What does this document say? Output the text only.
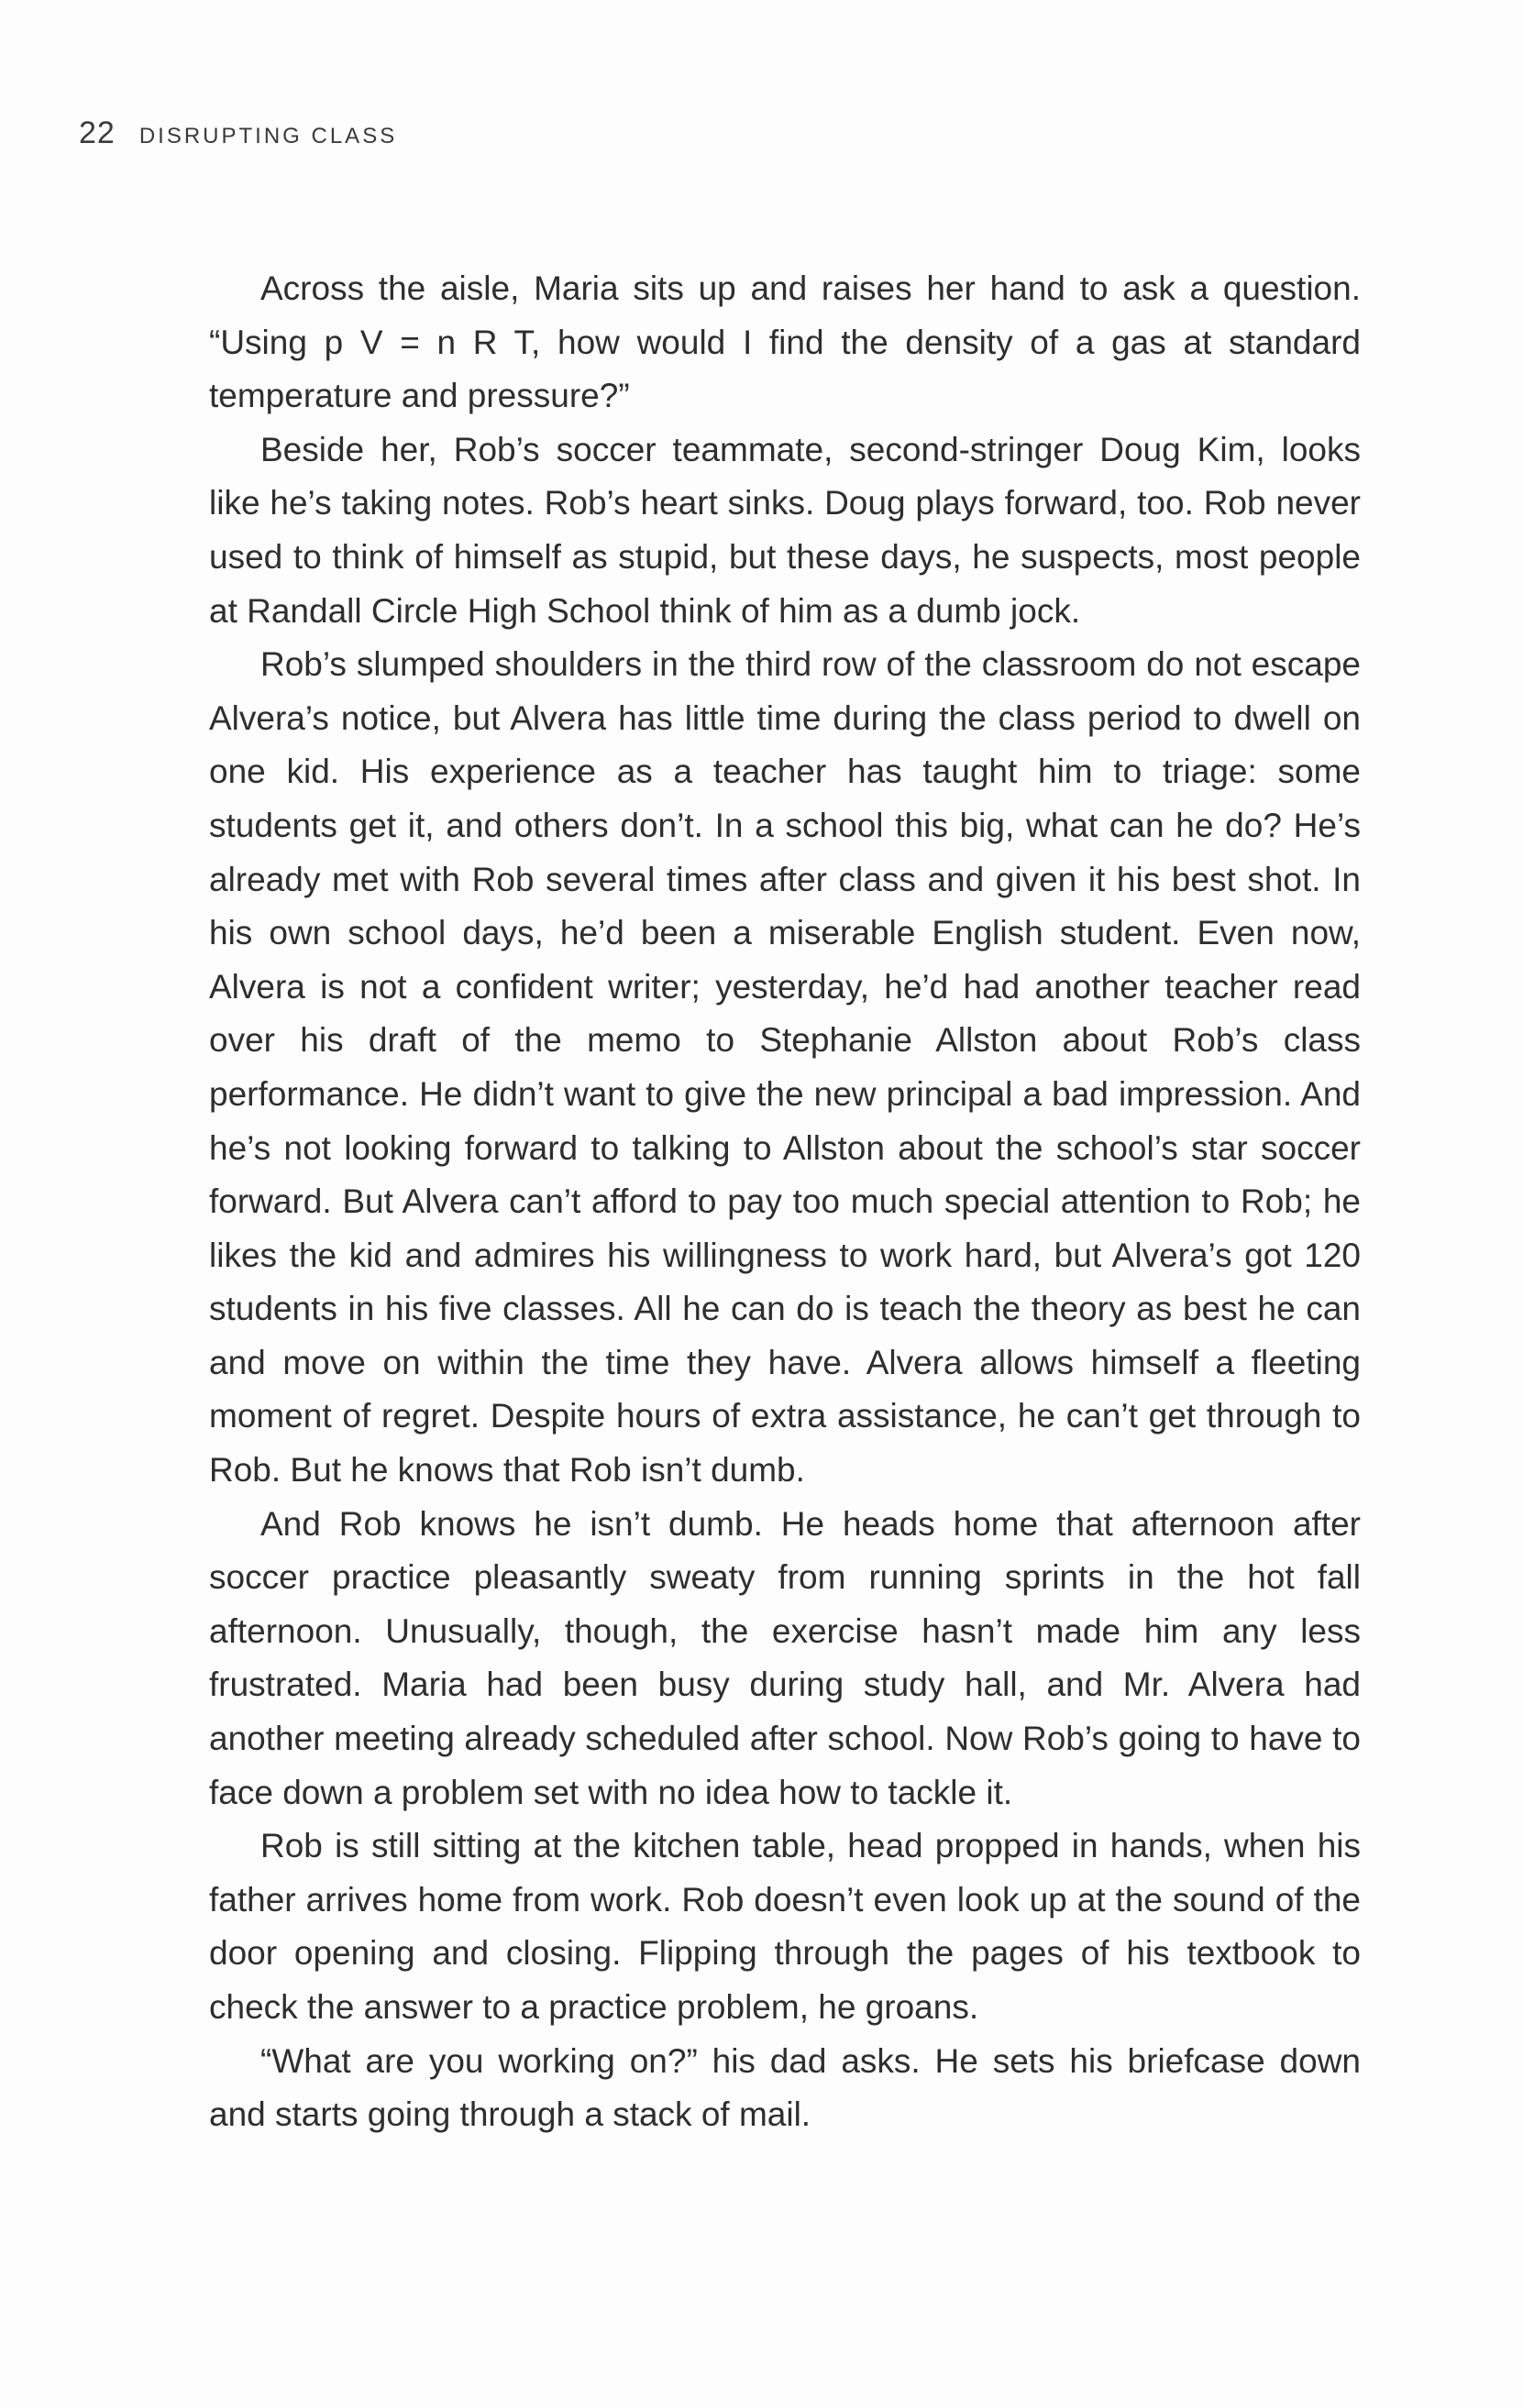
22 DISRUPTING CLASS

Across the aisle, Maria sits up and raises her hand to ask a question. “Using p V = n R T, how would I find the density of a gas at standard temperature and pressure?”

Beside her, Rob’s soccer teammate, second-stringer Doug Kim, looks like he’s taking notes. Rob’s heart sinks. Doug plays forward, too. Rob never used to think of himself as stupid, but these days, he suspects, most people at Randall Circle High School think of him as a dumb jock.

Rob’s slumped shoulders in the third row of the classroom do not escape Alvera’s notice, but Alvera has little time during the class period to dwell on one kid. His experience as a teacher has taught him to triage: some students get it, and others don’t. In a school this big, what can he do? He’s already met with Rob several times after class and given it his best shot. In his own school days, he’d been a miserable English student. Even now, Alvera is not a confident writer; yesterday, he’d had another teacher read over his draft of the memo to Stephanie Allston about Rob’s class performance. He didn’t want to give the new principal a bad impression. And he’s not looking forward to talking to Allston about the school’s star soccer forward. But Alvera can’t afford to pay too much special attention to Rob; he likes the kid and admires his willingness to work hard, but Alvera’s got 120 students in his five classes. All he can do is teach the theory as best he can and move on within the time they have. Alvera allows himself a fleeting moment of regret. Despite hours of extra assistance, he can’t get through to Rob. But he knows that Rob isn’t dumb.

And Rob knows he isn’t dumb. He heads home that afternoon after soccer practice pleasantly sweaty from running sprints in the hot fall afternoon. Unusually, though, the exercise hasn’t made him any less frustrated. Maria had been busy during study hall, and Mr. Alvera had another meeting already scheduled after school. Now Rob’s going to have to face down a problem set with no idea how to tackle it.

Rob is still sitting at the kitchen table, head propped in hands, when his father arrives home from work. Rob doesn’t even look up at the sound of the door opening and closing. Flipping through the pages of his textbook to check the answer to a practice problem, he groans.

“What are you working on?” his dad asks. He sets his briefcase down and starts going through a stack of mail.
